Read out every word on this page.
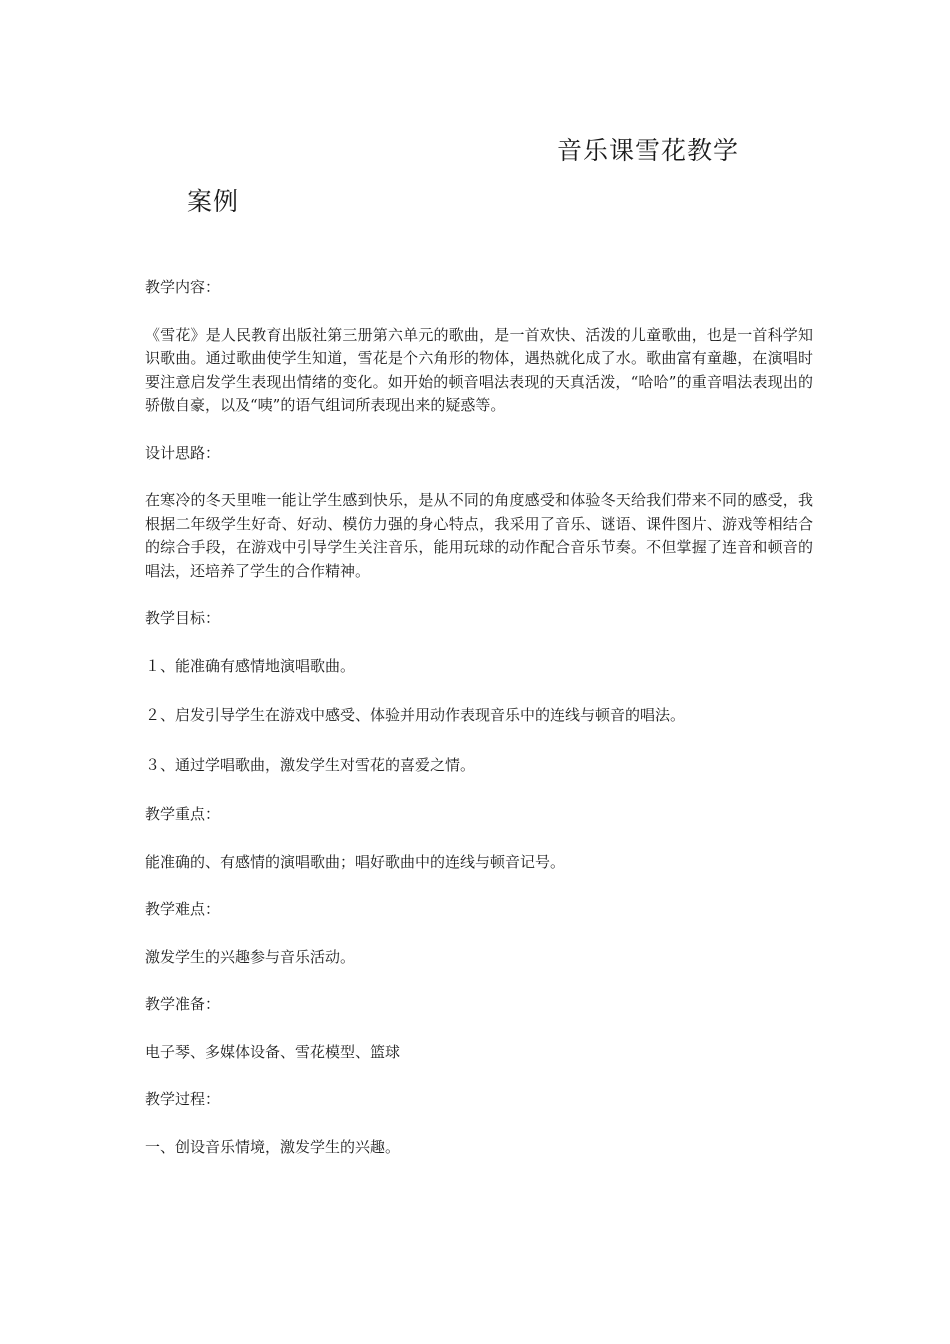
音乐课雪花教学
案例

教学内容：

《雪花》是人民教育出版社第三册第六单元的歌曲，是一首欢快、活泼的儿童歌曲，也是一首科学知识歌曲。通过歌曲使学生知道，雪花是个六角形的物体，遇热就化成了水。歌曲富有童趣，在演唱时要注意启发学生表现出情绪的变化。如开始的顿音唱法表现的天真活泼，“哈哈”的重音唱法表现出的骄傲自豪，以及“咦”的语气组词所表现出来的疑惑等。

设计思路：

在寒冷的冬天里唯一能让学生感到快乐，是从不同的角度感受和体验冬天给我们带来不同的感受，我根据二年级学生好奇、好动、模仿力强的身心特点，我采用了音乐、谜语、课件图片、游戏等相结合的综合手段，在游戏中引导学生关注音乐，能用玩球的动作配合音乐节奏。不但掌握了连音和顿音的唱法，还培养了学生的合作精神。

教学目标：

１、能准确有感情地演唱歌曲。

２、启发引导学生在游戏中感受、体验并用动作表现音乐中的连线与顿音的唱法。

３、通过学唱歌曲，激发学生对雪花的喜爱之情。

教学重点：

能准确的、有感情的演唱歌曲；唱好歌曲中的连线与顿音记号。

教学难点：

激发学生的兴趣参与音乐活动。

教学准备：

电子琴、多媒体设备、雪花模型、篮球

教学过程：

一、创设音乐情境，激发学生的兴趣。
